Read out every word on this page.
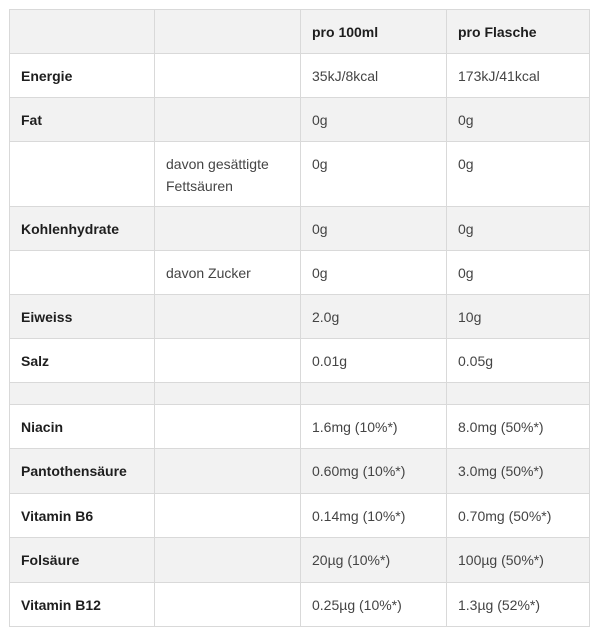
		pro 100ml	pro Flasche
Energie		35kJ/8kcal	173kJ/41kcal
Fat		0g	0g
	davon gesättigte Fettsäuren	0g	0g
Kohlenhydrate		0g	0g
	davon Zucker	0g	0g
Eiweiss		2.0g	10g
Salz		0.01g	0.05g

Niacin		1.6mg (10%*)	8.0mg (50%*)
Pantothensäure		0.60mg (10%*)	3.0mg (50%*)
Vitamin B6		0.14mg (10%*)	0.70mg (50%*)
Folsäure		20µg (10%*)	100µg (50%*)
Vitamin B12		0.25µg (10%*)	1.3µg (52%*)
